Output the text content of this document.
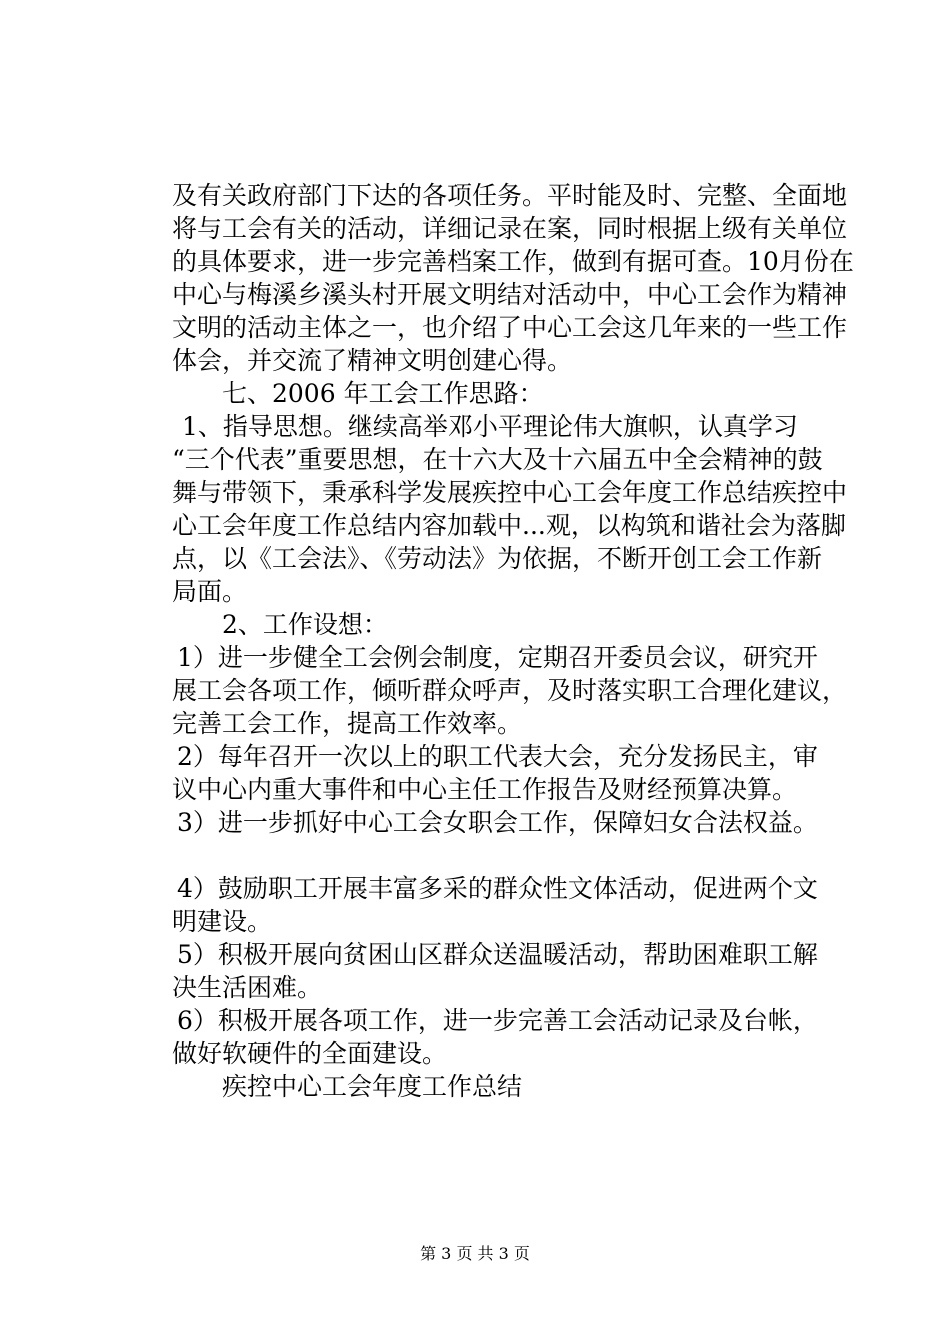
及有关政府部门下达的各项任务。平时能及时、完整、全面地
将与工会有关的活动，详细记录在案，同时根据上级有关单位
的具体要求，进一步完善档案工作，做到有据可查。10月份在
中心与梅溪乡溪头村开展文明结对活动中，中心工会作为精神
文明的活动主体之一，也介绍了中心工会这几年来的一些工作
体会，并交流了精神文明创建心得。
七、2006 年工会工作思路：
1、指导思想。继续高举邓小平理论伟大旗帜，认真学习
“三个代表”重要思想，在十六大及十六届五中全会精神的鼓
舞与带领下，秉承科学发展疾控中心工会年度工作总结疾控中
心工会年度工作总结内容加载中...观，以构筑和谐社会为落脚
点，以《工会法》、《劳动法》为依据，不断开创工会工作新
局面。
2、工作设想：
1）进一步健全工会例会制度，定期召开委员会议，研究开
展工会各项工作，倾听群众呼声，及时落实职工合理化建议，
完善工会工作，提高工作效率。
2）每年召开一次以上的职工代表大会，充分发扬民主，审
议中心内重大事件和中心主任工作报告及财经预算决算。
3）进一步抓好中心工会女职会工作，保障妇女合法权益。
4）鼓励职工开展丰富多采的群众性文体活动，促进两个文
明建设。
5）积极开展向贫困山区群众送温暖活动，帮助困难职工解
决生活困难。
6）积极开展各项工作，进一步完善工会活动记录及台帐，
做好软硬件的全面建设。
疾控中心工会年度工作总结
第 3 页 共 3 页
